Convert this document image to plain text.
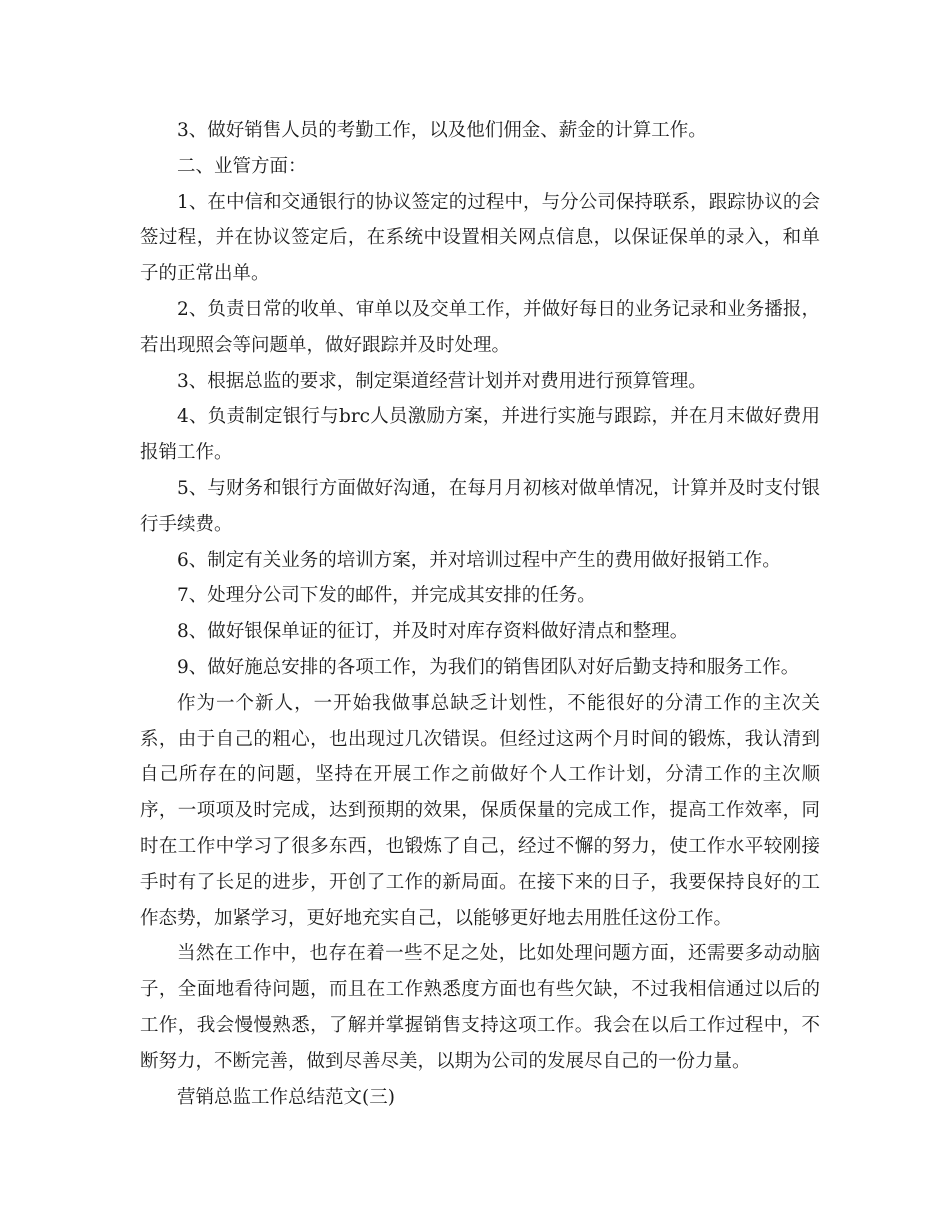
3、做好销售人员的考勤工作，以及他们佣金、薪金的计算工作。

二、业管方面：

1、在中信和交通银行的协议签定的过程中，与分公司保持联系，跟踪协议的会签过程，并在协议签定后，在系统中设置相关网点信息，以保证保单的录入，和单子的正常出单。

2、负责日常的收单、审单以及交单工作，并做好每日的业务记录和业务播报，若出现照会等问题单，做好跟踪并及时处理。

3、根据总监的要求，制定渠道经营计划并对费用进行预算管理。

4、负责制定银行与brc人员激励方案，并进行实施与跟踪，并在月末做好费用报销工作。

5、与财务和银行方面做好沟通，在每月月初核对做单情况，计算并及时支付银行手续费。

6、制定有关业务的培训方案，并对培训过程中产生的费用做好报销工作。

7、处理分公司下发的邮件，并完成其安排的任务。

8、做好银保单证的征订，并及时对库存资料做好清点和整理。

9、做好施总安排的各项工作，为我们的销售团队对好后勤支持和服务工作。

作为一个新人，一开始我做事总缺乏计划性，不能很好的分清工作的主次关系，由于自己的粗心，也出现过几次错误。但经过这两个月时间的锻炼，我认清到自己所存在的问题，坚持在开展工作之前做好个人工作计划，分清工作的主次顺序，一项项及时完成，达到预期的效果，保质保量的完成工作，提高工作效率，同时在工作中学习了很多东西，也锻炼了自己，经过不懈的努力，使工作水平较刚接手时有了长足的进步，开创了工作的新局面。在接下来的日子，我要保持良好的工作态势，加紧学习，更好地充实自己，以能够更好地去用胜任这份工作。

当然在工作中，也存在着一些不足之处，比如处理问题方面，还需要多动动脑子，全面地看待问题，而且在工作熟悉度方面也有些欠缺，不过我相信通过以后的工作，我会慢慢熟悉，了解并掌握销售支持这项工作。我会在以后工作过程中，不断努力，不断完善，做到尽善尽美，以期为公司的发展尽自己的一份力量。

营销总监工作总结范文(三)
